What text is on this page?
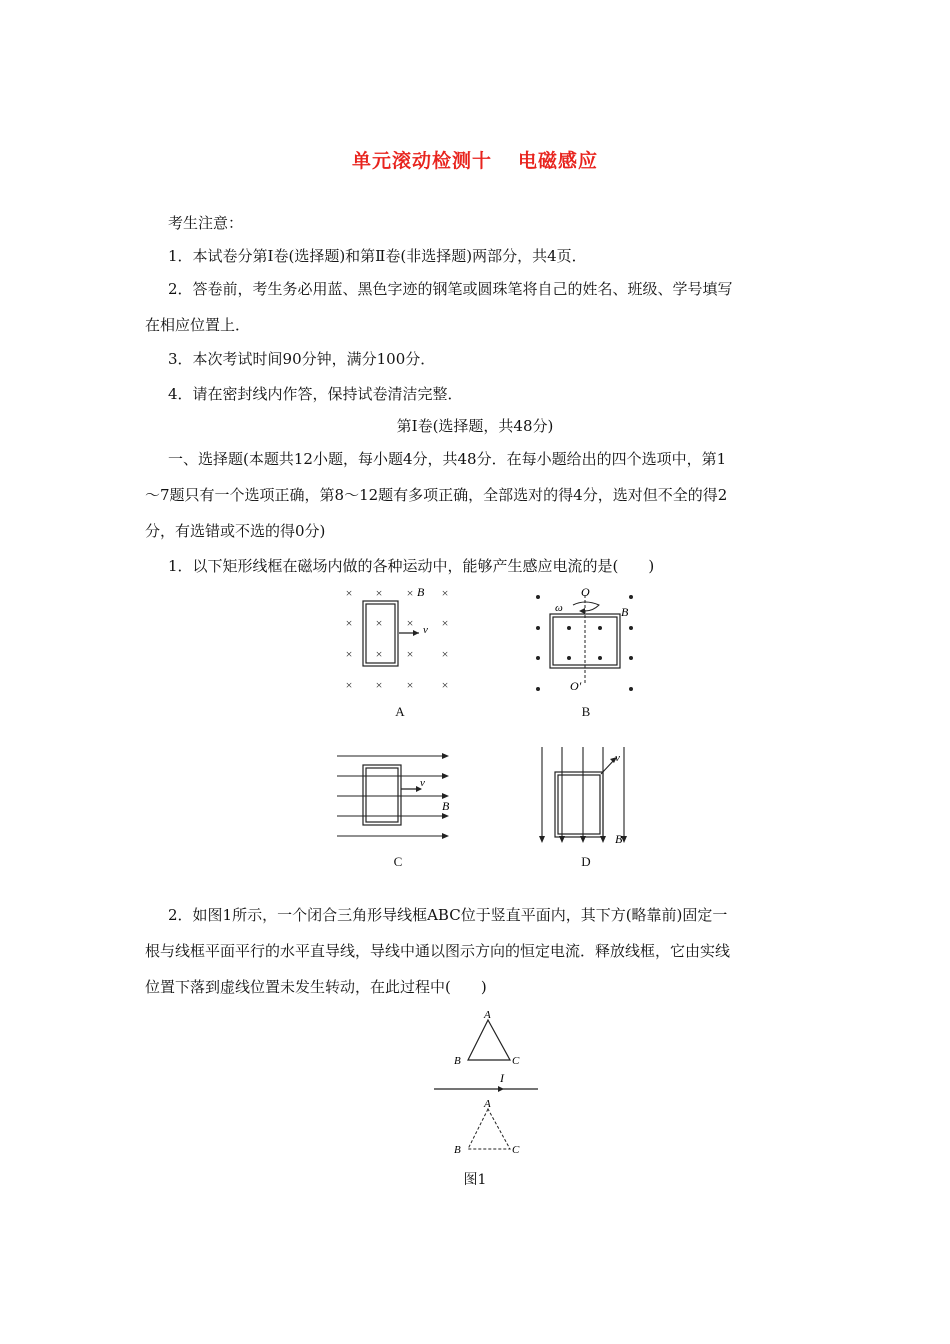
单元滚动检测十 电磁感应
考生注意：
1．本试卷分第Ⅰ卷(选择题)和第Ⅱ卷(非选择题)两部分，共4页．
2．答卷前，考生务必用蓝、黑色字迹的钢笔或圆珠笔将自己的姓名、班级、学号填写
在相应位置上．
3．本次考试时间90分钟，满分100分．
4．请在密封线内作答，保持试卷清洁完整．
第Ⅰ卷(选择题，共48分)
一、选择题(本题共12小题，每小题4分，共48分．在每小题给出的四个选项中，第1
～7题只有一个选项正确，第8～12题有多项正确，全部选对的得4分，选对但不全的得2
分，有选错或不选的得0分)
1．以下矩形线框在磁场内做的各种运动中，能够产生感应电流的是(　　)
× × × ×
× × × ×
× × × ×
× × × ×
v
B
A
O
ω	B
O′
B
v
B
C
v
B
D
2．如图1所示，一个闭合三角形导线框ABC位于竖直平面内，其下方(略靠前)固定一
根与线框平面平行的水平直导线，导线中通以图示方向的恒定电流．释放线框，它由实线
位置下落到虚线位置未发生转动，在此过程中(　　)
A
B	C
I
A
B	C
图1
